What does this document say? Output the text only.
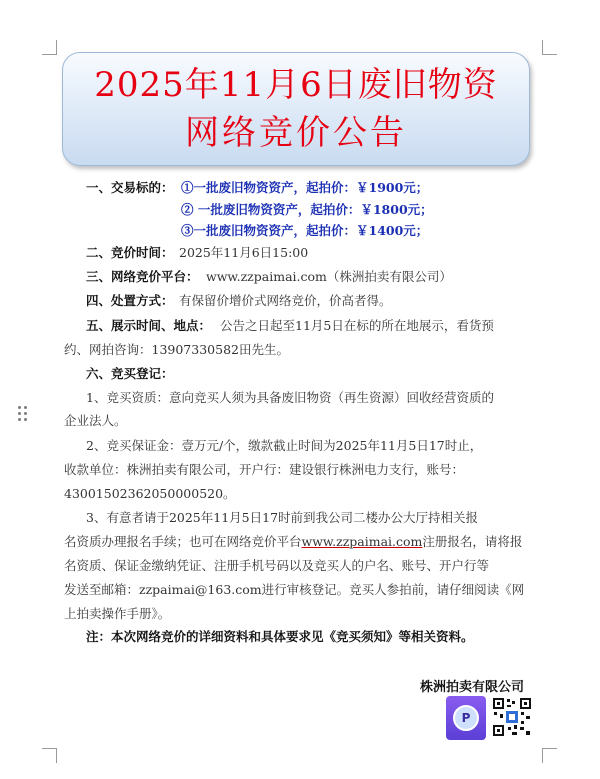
2025年11月6日废旧物资
网络竞价公告
一、交易标的： ①一批废旧物资资产，起拍价：￥1900元；
② 一批废旧物资资产，起拍价：￥1800元；
③一批废旧物资资产，起拍价：￥1400元；
二、竞价时间： 2025年11月6日15:00
三、网络竞价平台： www.zzpaimai.com（株洲拍卖有限公司）
四、处置方式： 有保留价增价式网络竞价，价高者得。
五、展示时间、地点： 公告之日起至11月5日在标的所在地展示，看货预
约、网拍咨询：13907330582田先生。
六、竞买登记：
1、竞买资质：意向竞买人须为具备废旧物资（再生资源）回收经营资质的
企业法人。
2、竞买保证金：壹万元/个，缴款截止时间为2025年11月5日17时止，
收款单位：株洲拍卖有限公司，开户行：建设银行株洲电力支行，账号：
43001502362050000520。
3、有意者请于2025年11月5日17时前到我公司二楼办公大厅持相关报
名资质办理报名手续；也可在网络竞价平台www.zzpaimai.com注册报名，请将报
名资质、保证金缴纳凭证、注册手机号码以及竞买人的户名、账号、开户行等
发送至邮箱：zzpaimai@163.com进行审核登记。竞买人参拍前，请仔细阅读《网
上拍卖操作手册》。
注：本次网络竞价的详细资料和具体要求见《竞买须知》等相关资料。
株洲拍卖有限公司
P
